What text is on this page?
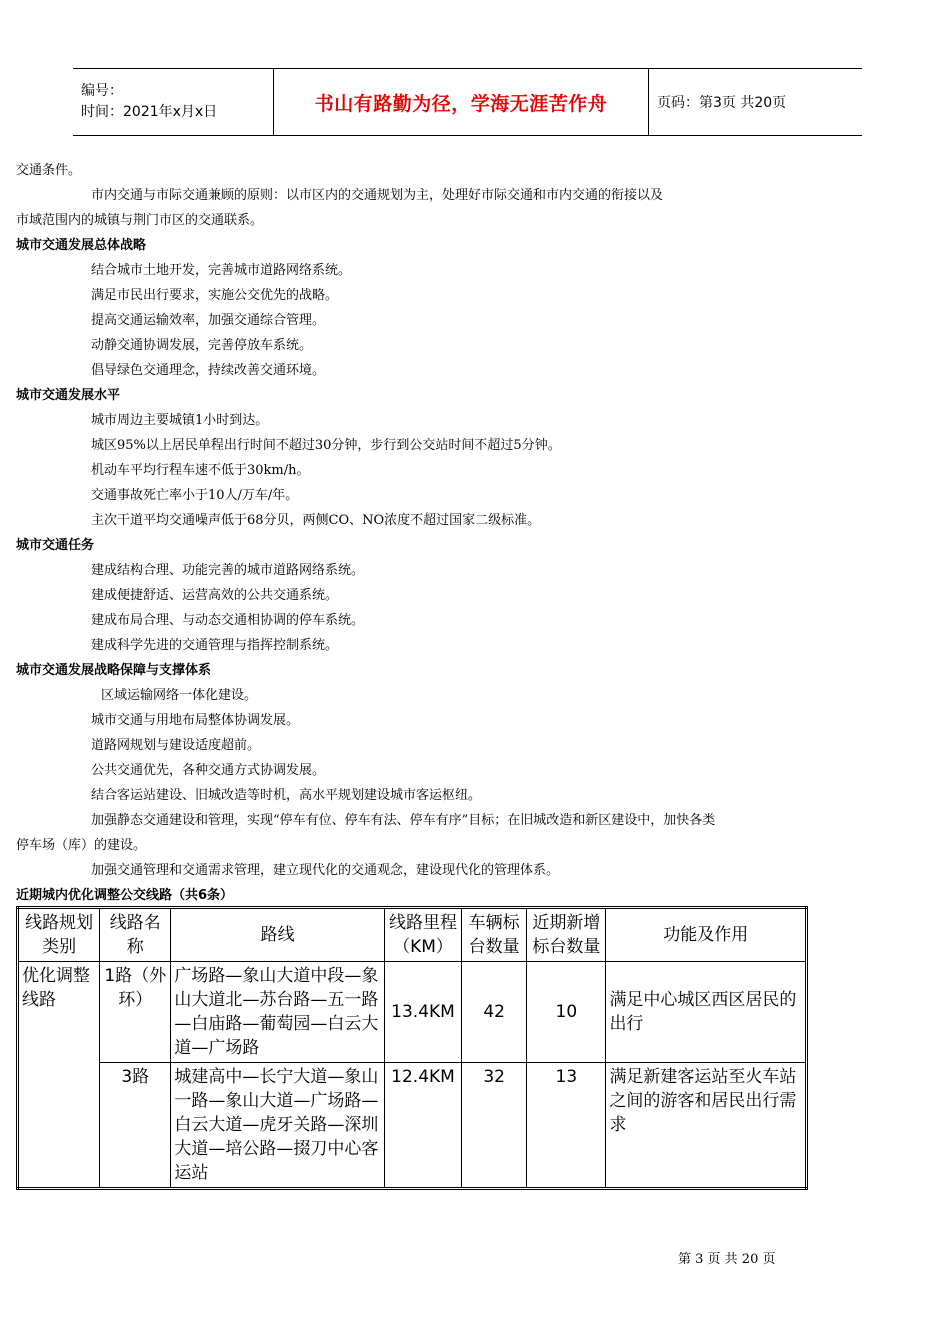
编号：
时间：2021年x月x日	书山有路勤为径，学海无涯苦作舟	页码：第3页 共20页

交通条件。

市内交通与市际交通兼顾的原则：以市区内的交通规划为主，处理好市际交通和市内交通的衔接以及

市域范围内的城镇与荆门市区的交通联系。

城市交通发展总体战略

结合城市土地开发，完善城市道路网络系统。

满足市民出行要求，实施公交优先的战略。

提高交通运输效率，加强交通综合管理。

动静交通协调发展，完善停放车系统。

倡导绿色交通理念，持续改善交通环境。

城市交通发展水平

城市周边主要城镇1小时到达。

城区95%以上居民单程出行时间不超过30分钟，步行到公交站时间不超过5分钟。

机动车平均行程车速不低于30km/h。

交通事故死亡率小于10人/万车/年。

主次干道平均交通噪声低于68分贝，两侧CO、NO浓度不超过国家二级标准。

城市交通任务

建成结构合理、功能完善的城市道路网络系统。

建成便捷舒适、运营高效的公共交通系统。

建成布局合理、与动态交通相协调的停车系统。

建成科学先进的交通管理与指挥控制系统。

城市交通发展战略保障与支撑体系

区域运输网络一体化建设。

城市交通与用地布局整体协调发展。

道路网规划与建设适度超前。

公共交通优先，各种交通方式协调发展。

结合客运站建设、旧城改造等时机，高水平规划建设城市客运枢纽。

加强静态交通建设和管理，实现“停车有位、停车有法、停车有序”目标；在旧城改造和新区建设中，加快各类停车场（库）的建设。

加强交通管理和交通需求管理，建立现代化的交通观念，建设现代化的管理体系。

近期城内优化调整公交线路（共6条）

线路规划类别	线路名称	路线	线路里程（KM）	车辆标台数量	近期新增标台数量	功能及作用
优化调整线路	1路（外环）	广场路—象山大道中段—象山大道北—苏台路—五一路—白庙路—葡萄园—白云大道—广场路	13.4KM	42	10	满足中心城区西区居民的出行
	3路	城建高中—长宁大道—象山一路—象山大道—广场路—白云大道—虎牙关路—深圳大道—培公路—掇刀中心客运站	12.4KM	32	13	满足新建客运站至火车站之间的游客和居民出行需求
第 3 页 共 20 页
